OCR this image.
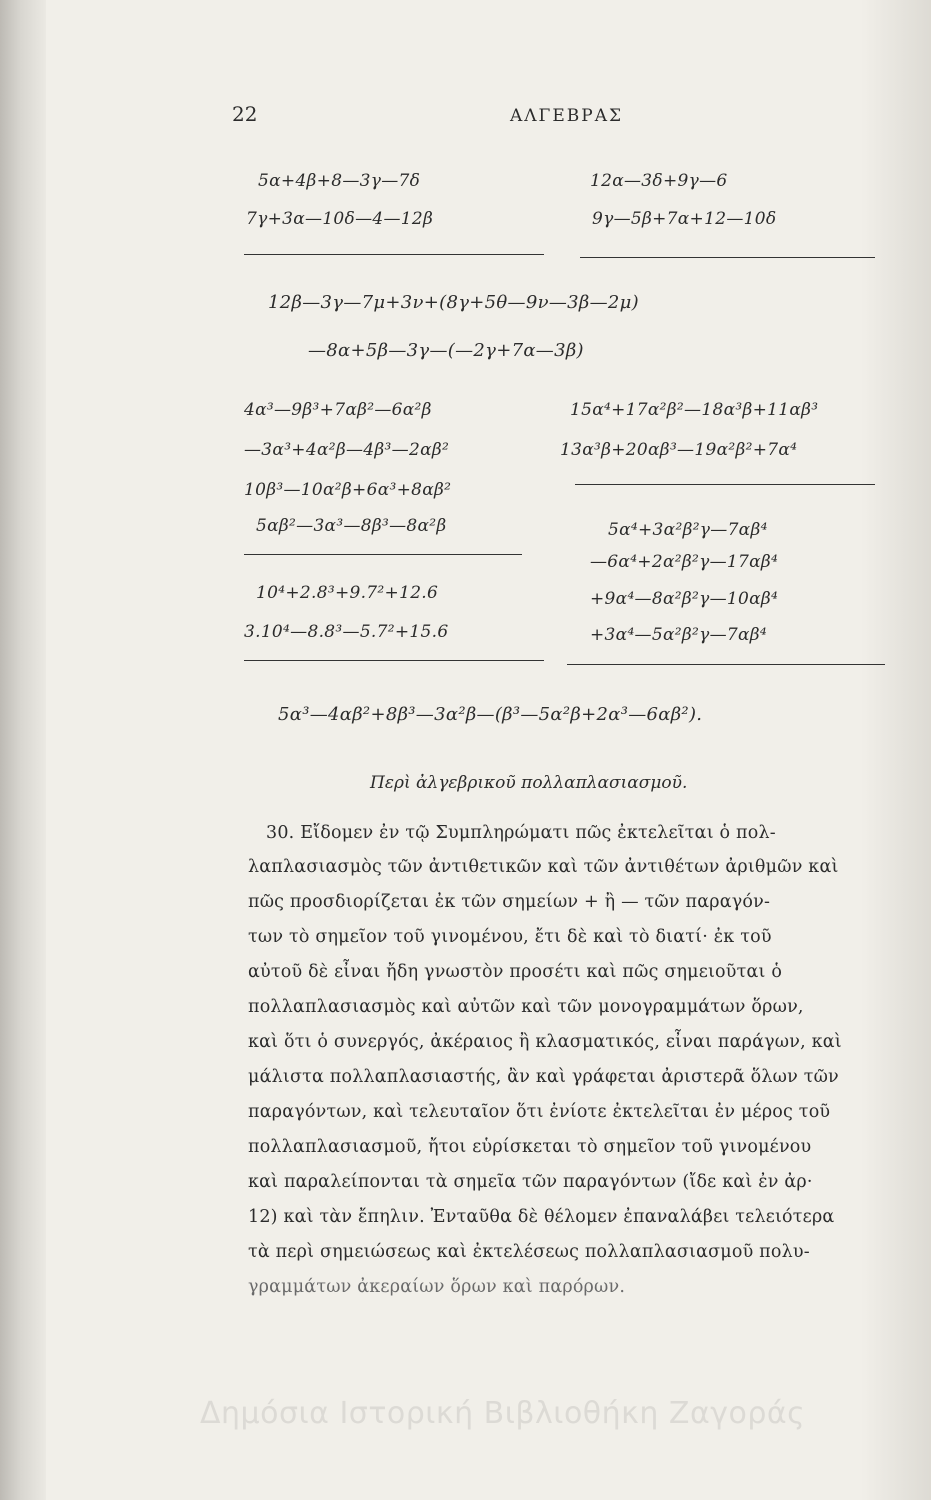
22	ΑΛΓΕΒΡΑΣ
5α+4β+8—3γ—7δ
7γ+3α—10δ—4—12β
12α—3δ+9γ—6
9γ—5β+7α+12—10δ
12β—3γ—7μ+3ν+(8γ+5θ—9ν—3β—2μ)
—8α+5β—3γ—(—2γ+7α—3β)
4α³—9β³+7αβ²—6α²β
—3α³+4α²β—4β³—2αβ²
10β³—10α²β+6α³+8αβ²
5αβ²—3α³—8β³—8α²β
15α⁴+17α²β²—18α³β+11αβ³
13α³β+20αβ³—19α²β²+7α⁴
10⁴+2.8³+9.7²+12.6
3.10⁴—8.8³—5.7²+15.6
5α⁴+3α²β²γ—7αβ⁴
—6α⁴+2α²β²γ—17αβ⁴
+9α⁴—8α²β²γ—10αβ⁴
+3α⁴—5α²β²γ—7αβ⁴
5α³—4αβ²+8β³—3α²β—(β³—5α²β+2α³—6αβ²).
Περὶ ἀλγεβρικοῦ πολλαπλασιασμοῦ.
30. Εἴδομεν ἐν τῷ Συμπληρώματι πῶς ἐκτελεῖται ὁ πολ-
λαπλασιασμὸς τῶν ἀντιθετικῶν καὶ τῶν ἀντιθέτων ἀριθμῶν καὶ
πῶς προσδιορίζεται ἐκ τῶν σημείων + ἢ — τῶν παραγόν-
των τὸ σημεῖον τοῦ γινομένου, ἔτι δὲ καὶ τὸ διατί· ἐκ τοῦ
αὐτοῦ δὲ εἶναι ἤδη γνωστὸν προσέτι καὶ πῶς σημειοῦται ὁ
πολλαπλασιασμὸς καὶ αὐτῶν καὶ τῶν μονογραμμάτων ὅρων,
καὶ ὅτι ὁ συνεργός, ἀκέραιος ἢ κλασματικός, εἶναι παράγων, καὶ
μάλιστα πολλαπλασιαστής, ἂν καὶ γράφεται ἀριστερᾶ ὅλων τῶν
παραγόντων, καὶ τελευταῖον ὅτι ἐνίοτε ἐκτελεῖται ἐν μέρος τοῦ
πολλαπλασιασμοῦ, ἤτοι εὑρίσκεται τὸ σημεῖον τοῦ γινομένου
καὶ παραλείπονται τὰ σημεῖα τῶν παραγόντων (ἴδε καὶ ἐν ἀρ·
12) καὶ τὰν ἔπηλιν. Ἐνταῦθα δὲ θέλομεν ἐπαναλάβει τελειότερα
τὰ περὶ σημειώσεως καὶ ἐκτελέσεως πολλαπλασιασμοῦ πολυ-
γραμμάτων ἀκεραίων ὅρων καὶ παρόρων.
Δημόσια Ιστορική Βιβλιοθήκη Ζαγοράς
